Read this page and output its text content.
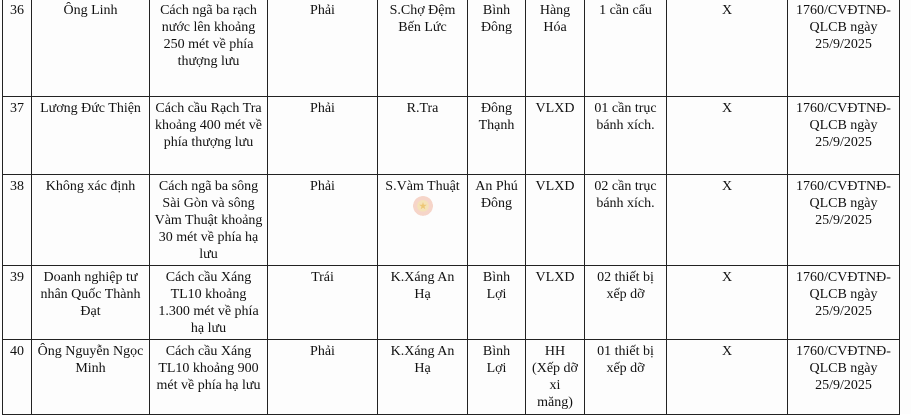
36	Ông Linh	Cách ngã ba rạch nước lên khoảng 250 mét về phía thượng lưu	Phải	S.Chợ Đệm Bến Lức	Bình Đông	Hàng Hóa	1 cần cẩu	X	1760/CVĐTNĐ-QLCB ngày 25/9/2025
37	Lương Đức Thiện	Cách cầu Rạch Tra khoảng 400 mét về phía thượng lưu	Phải	R.Tra	Đông Thạnh	VLXD	01 cần trục bánh xích.	X	1760/CVĐTNĐ-QLCB ngày 25/9/2025
38	Không xác định	Cách ngã ba sông Sài Gòn và sông Vàm Thuật khoảng 30 mét về phía hạ lưu	Phải	S.Vàm Thuật	An Phú Đông	VLXD	02 cần trục bánh xích.	X	1760/CVĐTNĐ-QLCB ngày 25/9/2025
39	Doanh nghiệp tư nhân Quốc Thành Đạt	Cách cầu Xáng TL10 khoảng 1.300 mét về phía hạ lưu	Trái	K.Xáng An Hạ	Bình Lợi	VLXD	02 thiết bị xếp dỡ	X	1760/CVĐTNĐ-QLCB ngày 25/9/2025
40	Ông Nguyễn Ngọc Minh	Cách cầu Xáng TL10 khoảng 900 mét về phía hạ lưu	Phải	K.Xáng An Hạ	Bình Lợi	HH (Xếp dỡ xi măng)	01 thiết bị xếp dỡ	X	1760/CVĐTNĐ-QLCB ngày 25/9/2025
